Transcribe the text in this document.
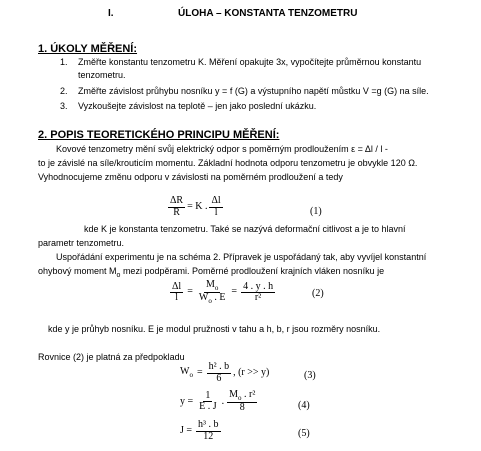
I.	ÚLOHA – KONSTANTA TENZOMETRU
1. ÚKOLY MĚŘENÍ:
1. Změřte konstantu tenzometru K. Měření opakujte 3x, vypočítejte průměrnou konstantu
tenzometru.
2. Změřte závislost průhybu nosníku y = f (G) a výstupního napětí můstku V =g (G) na síle.
3. Vyzkoušejte závislost na teplotě – jen jako poslední ukázku.
2. POPIS TEORETICKÉHO PRINCIPU MĚŘENÍ:
Kovové tenzometry mění svůj elektrický odpor s poměrným prodloužením ε = Δl / l -
to je závislé na síle/krouticím momentu. Základní hodnota odporu tenzometru je obvykle 120 Ω.
Vyhodnocujeme změnu odporu v závislosti na poměrném prodloužení a tedy
$\frac{\Delta R}{R} = K$ . $\frac{\Delta l}{l}$	(1)
kde K je konstanta tenzometru. Také se nazývá deformační citlivost a je to hlavní
parametr tenzometru.
Uspořádání experimentu je na schéma 2. Přípravek je uspořádaný tak, aby vyvíjel konstantní
ohybový moment $M_o$ mezi podpěrami. Poměrné prodloužení krajních vláken nosníku je
$\frac{\Delta l}{l} = \frac{M_o}{W_o . E} = \frac{4 . y . h}{\text{r²}}$	(2)
kde y je průhyb nosníku. E je modul pružnosti v tahu a h, b, r jsou rozměry nosníku.
Rovnice (2) je platná za předpokladu
$W_o = \frac{\text{h² . b}}{6}$ , (r >> y)	(3)
$y = \frac{1}{E . J}$ . $\frac{M_o . r^2}{8}$	(4)
$J = \frac{\text{h³ . b}}{12}$	(5)
